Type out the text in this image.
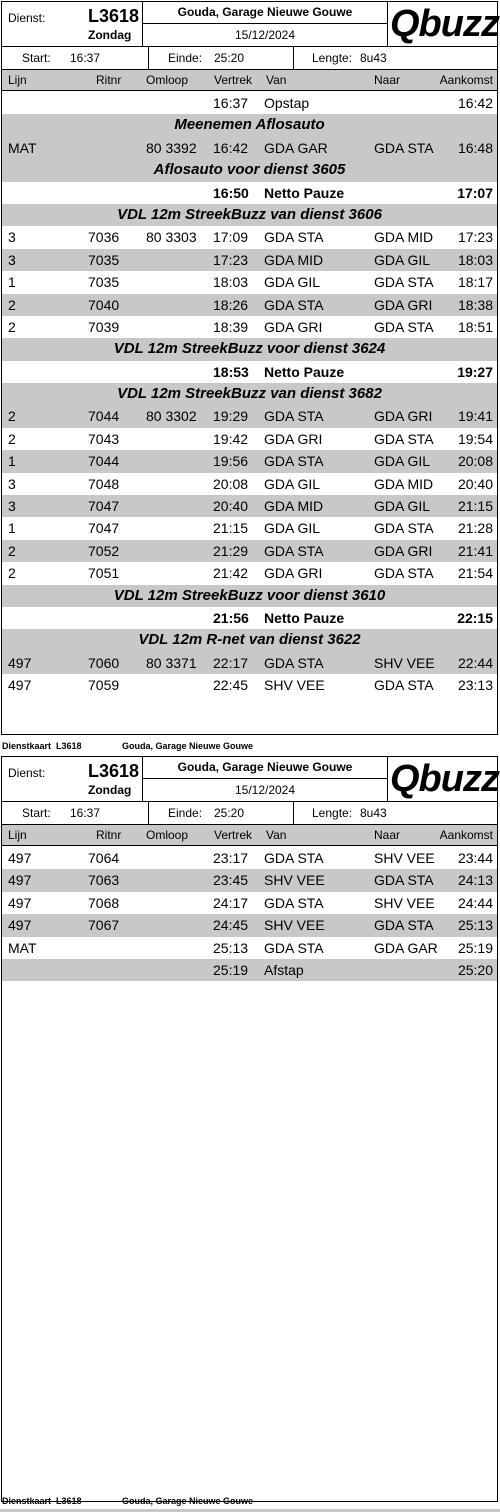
Dienst: L3618
Zondag
Gouda, Garage Nieuwe Gouwe
15/12/2024	Qbuzz
Start: 16:37	Einde: 25:20	Lengte: 8u43
Lijn	Ritnr Omloop Vertrek Van	Naar	Aankomst
16:37 Opstap	16:42
Meenemen Aflosauto
MAT	80 3392 16:42 GDA GAR	GDA STA 16:48
Aflosauto voor dienst 3605
16:50 Netto Pauze	17:07
VDL 12m StreekBuzz van dienst 3606
3	7036 80 3303 17:09 GDA STA	GDA MID 17:23
3	7035	17:23 GDA MID	GDA GIL 18:03
1	7035	18:03 GDA GIL	GDA STA 18:17
2	7040	18:26 GDA STA	GDA GRI 18:38
2	7039	18:39 GDA GRI	GDA STA 18:51
VDL 12m StreekBuzz voor dienst 3624
18:53 Netto Pauze	19:27
VDL 12m StreekBuzz van dienst 3682
2	7044 80 3302 19:29 GDA STA	GDA GRI 19:41
2	7043	19:42 GDA GRI	GDA STA 19:54
1	7044	19:56 GDA STA	GDA GIL 20:08
3	7048	20:08 GDA GIL	GDA MID 20:40
3	7047	20:40 GDA MID	GDA GIL 21:15
1	7047	21:15 GDA GIL	GDA STA 21:28
2	7052	21:29 GDA STA	GDA GRI 21:41
2	7051	21:42 GDA GRI	GDA STA 21:54
VDL 12m StreekBuzz voor dienst 3610
21:56 Netto Pauze	22:15
VDL 12m R-net van dienst 3622
497	7060 80 3371 22:17 GDA STA	SHV VEE 22:44
497	7059	22:45 SHV VEE	GDA STA 23:13
Dienstkaart L3618	Gouda, Garage Nieuwe Gouwe
Dienst: L3618
Zondag
Gouda, Garage Nieuwe Gouwe
15/12/2024	Qbuzz
Start: 16:37	Einde: 25:20	Lengte: 8u43
Lijn	Ritnr Omloop Vertrek Van	Naar	Aankomst
497	7064	23:17 GDA STA	SHV VEE 23:44
497	7063	23:45 SHV VEE	GDA STA 24:13
497	7068	24:17 GDA STA	SHV VEE 24:44
497	7067	24:45 SHV VEE	GDA STA 25:13
MAT	25:13 GDA STA	GDA GAR 25:19
25:19 Afstap	25:20
Dienstkaart L3618	Gouda, Garage Nieuwe Gouwe
